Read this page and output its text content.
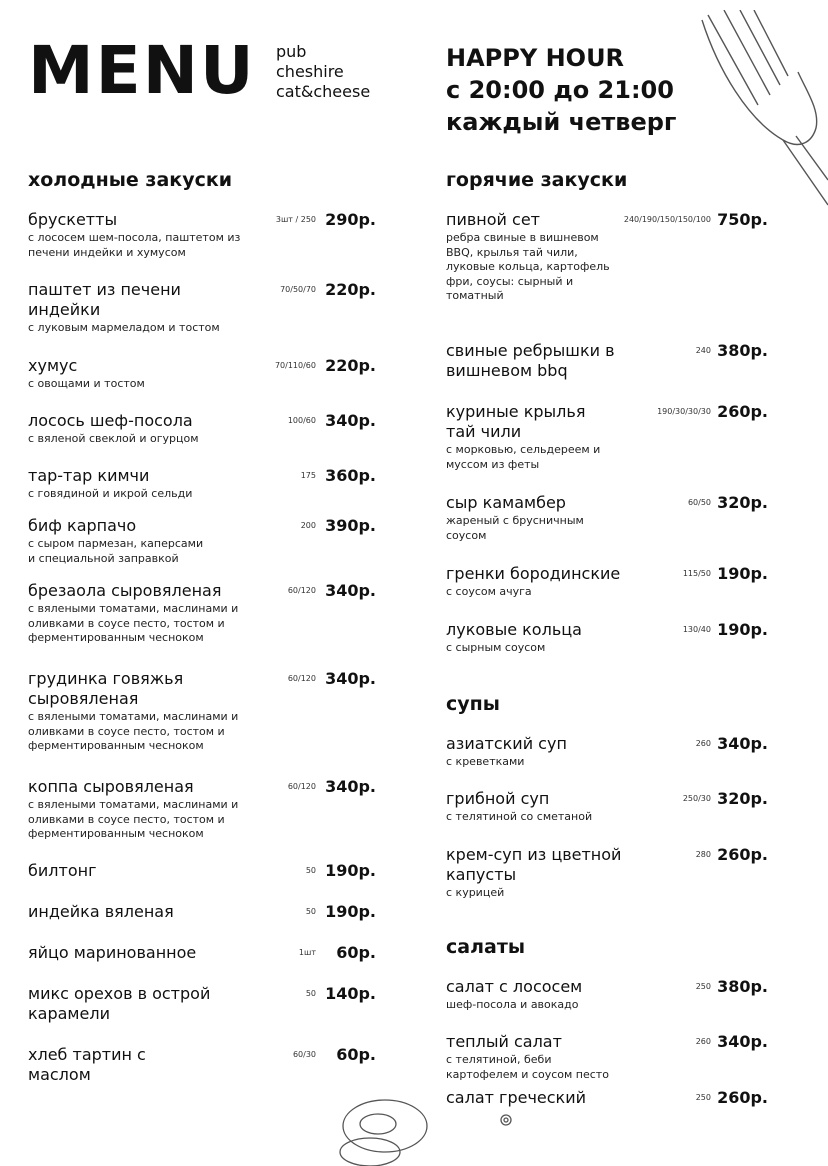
MENU pub
cheshire
cat&cheese
HAPPY HOUR
с 20:00 до 21:00
каждый четверг
холодные закуски
брускетты	3шт / 250 290р.
с лососем шем-посола, паштетом из
печени индейки и хумусом
паштет из печени
индейки
70/50/70 220р.
с луковым мармеладом и тостом
хумус	70/110/60 220р.
с овощами и тостом
лосось шеф-посола	100/60 340р.
с вяленой свеклой и огурцом
тар-тар кимчи	175 360р.
с говядиной и икрой сельди
биф карпачо	200 390р.
с сыром пармезан, каперсами
и специальной заправкой
брезаола сыровяленая	60/120 340р.
с вялеными томатами, маслинами и
оливками в соусе песто, тостом и
ферментированным чесноком
грудинка говяжья
сыровяленая
60/120 340р.
с вялеными томатами, маслинами и
оливками в соусе песто, тостом и
ферментированным чесноком
коппа сыровяленая	60/120 340р.
с вялеными томатами, маслинами и
оливками в соусе песто, тостом и
ферментированным чесноком
билтонг	50 190р.
индейка вяленая	50 190р.
яйцо маринованное	1шт	60р.
микс орехов в острой
карамели
50 140р.
хлеб тартин с
маслом
60/30	60р.
горячие закуски
пивной сет	240/190/150/150/100 750р.
ребра свиные в вишневом
BBQ, крылья тай чили,
луковые кольца, картофель
фри, соусы: сырный и
томатный
свиные ребрышки в
вишневом bbq
240 380р.
куриные крылья
тай чили
190/30/30/30 260р.
с морковью, сельдереем и
муссом из феты
сыр камамбер	60/50 320р.
жареный с брусничным
соусом
гренки бородинские	115/50 190р.
с соусом ачуга
луковые кольца	130/40 190р.
с сырным соусом
супы
азиатский суп	260 340р.
с креветками
грибной суп	250/30 320р.
с телятиной со сметаной
крем-суп из цветной
капусты
280 260р.
с курицей
салаты
салат с лососем	250 380р.
шеф-посола и авокадо
теплый салат	260 340р.
с телятиной, беби
картофелем и соусом песто
салат греческий	250 260р.
